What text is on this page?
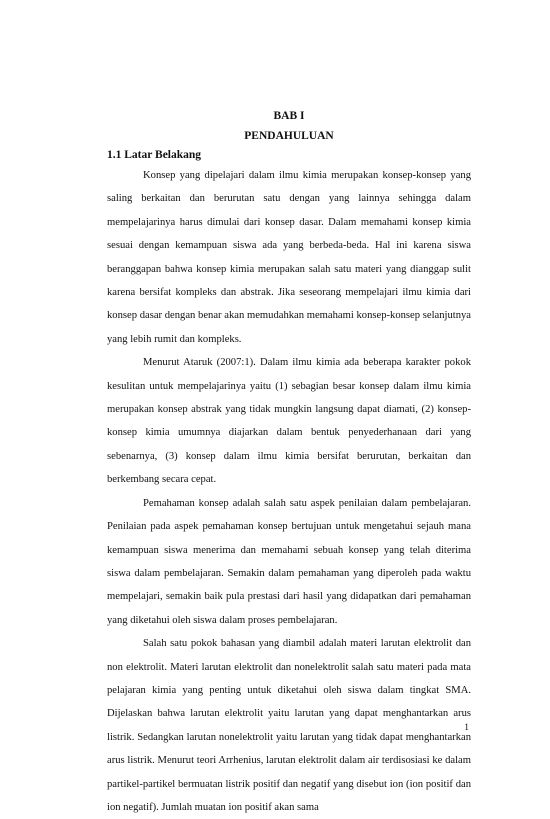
BAB I

PENDAHULUAN

1.1 Latar Belakang

Konsep yang dipelajari dalam ilmu kimia merupakan konsep-konsep yang saling berkaitan dan berurutan satu dengan yang lainnya sehingga dalam mempelajarinya harus dimulai dari konsep dasar. Dalam memahami konsep kimia sesuai dengan kemampuan siswa ada yang berbeda-beda. Hal ini karena siswa beranggapan bahwa konsep kimia merupakan salah satu materi yang dianggap sulit karena bersifat kompleks dan abstrak. Jika seseorang mempelajari ilmu kimia dari konsep dasar dengan benar akan memudahkan memahami konsep-konsep selanjutnya yang lebih rumit dan kompleks.

Menurut Ataruk (2007:1). Dalam ilmu kimia ada beberapa karakter pokok kesulitan untuk mempelajarinya yaitu (1) sebagian besar konsep dalam ilmu kimia merupakan konsep abstrak yang tidak mungkin langsung dapat diamati, (2) konsep-konsep kimia umumnya diajarkan dalam bentuk penyederhanaan dari yang sebenarnya, (3) konsep dalam ilmu kimia bersifat berurutan, berkaitan dan berkembang secara cepat.

Pemahaman konsep adalah salah satu aspek penilaian dalam pembelajaran. Penilaian pada aspek pemahaman konsep bertujuan untuk mengetahui sejauh mana kemampuan siswa menerima dan memahami sebuah konsep yang telah diterima siswa dalam pembelajaran. Semakin dalam pemahaman yang diperoleh pada waktu mempelajari, semakin baik pula prestasi dari hasil yang didapatkan dari pemahaman yang diketahui oleh siswa dalam proses pembelajaran.

Salah satu pokok bahasan yang diambil adalah materi larutan elektrolit dan non elektrolit. Materi larutan elektrolit dan nonelektrolit salah satu materi pada mata pelajaran kimia yang penting untuk diketahui oleh siswa dalam tingkat SMA. Dijelaskan bahwa larutan elektrolit yaitu larutan yang dapat menghantarkan arus listrik. Sedangkan larutan nonelektrolit yaitu larutan yang tidak dapat menghantarkan arus listrik. Menurut teori Arrhenius, larutan elektrolit dalam air terdisosiasi ke dalam partikel-partikel bermuatan listrik positif dan negatif yang disebut ion (ion positif dan ion negatif). Jumlah muatan ion positif akan sama

1
